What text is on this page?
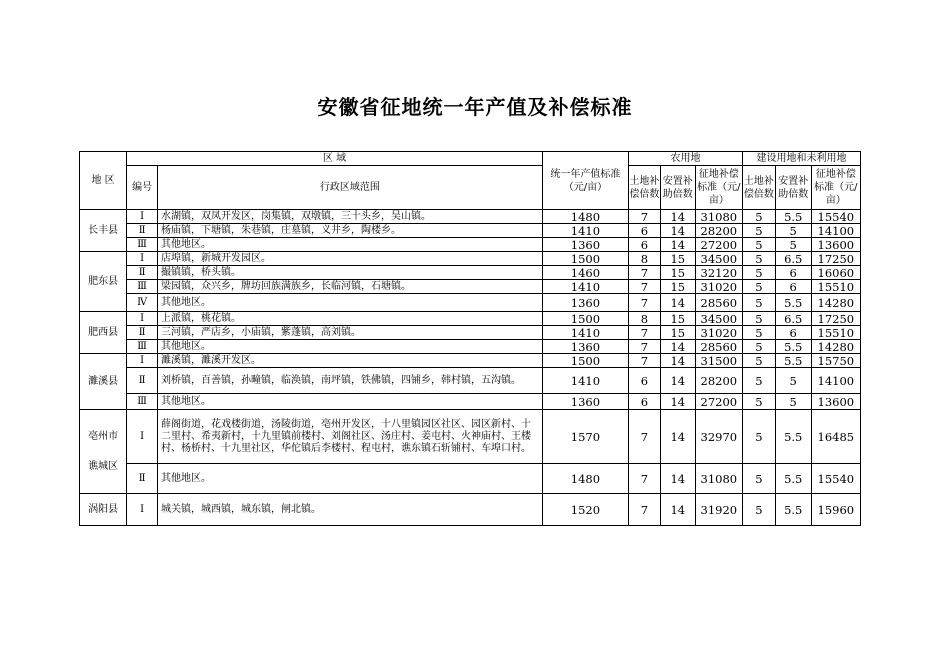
安徽省征地统一年产值及补偿标准
地 区	区 域		统一年产值标准（元/亩）	农用地			建设用地和未利用地		
	编号	行政区域范围		土地补偿倍数	安置补助倍数	征地补偿标准（元/亩）	土地补偿倍数	安置补助倍数	征地补偿标准（元/亩）

长丰县	Ⅰ	水湖镇，双凤开发区，岗集镇，双墩镇，三十头乡，吴山镇。	1480	7	14	31080	5	5.5	15540
	Ⅱ	杨庙镇，下塘镇，朱巷镇，庄墓镇，义井乡，陶楼乡。	1410	6	14	28200	5	5	14100
	Ⅲ	其他地区。	1360	6	14	27200	5	5	13600

肥东县	Ⅰ	店埠镇，新城开发园区。	1500	8	15	34500	5	6.5	17250
	Ⅱ	撮镇镇，桥头镇。	1460	7	15	32120	5	6	16060
	Ⅲ	梁园镇，众兴乡，牌坊回族满族乡，长临河镇，石塘镇。	1410	7	15	31020	5	6	15510
	Ⅳ	其他地区。	1360	7	14	28560	5	5.5	14280

肥西县	Ⅰ	上派镇，桃花镇。	1500	8	15	34500	5	6.5	17250
	Ⅱ	三河镇，严店乡，小庙镇，紫蓬镇，高刘镇。	1410	7	15	31020	5	6	15510
	Ⅲ	其他地区。	1360	7	14	28560	5	5.5	14280

濉溪县	Ⅰ	濉溪镇，濉溪开发区。	1500	7	14	31500	5	5.5	15750
	Ⅱ	刘桥镇，百善镇，孙疃镇，临涣镇，南坪镇，铁佛镇，四铺乡，韩村镇，五沟镇。	1410	6	14	28200	5	5	14100
	Ⅲ	其他地区。	1360	6	14	27200	5	5	13600

亳州市
谯城区	Ⅰ	薛阁街道，花戏楼街道，汤陵街道，亳州开发区，十八里镇园区社区、园区新村、十二里村、希夷新村，十九里镇前楼村、刘阁社区、汤庄村、姜屯村、火神庙村、王楼村、杨桥村、十九里社区，华佗镇后李楼村、程屯村，谯东镇石斩铺村、车埠口村。	1570	7	14	32970	5	5.5	16485
	Ⅱ	其他地区。	1480	7	14	31080	5	5.5	15540

涡阳县	Ⅰ	城关镇，城西镇，城东镇，闸北镇。	1520	7	14	31920	5	5.5	15960
